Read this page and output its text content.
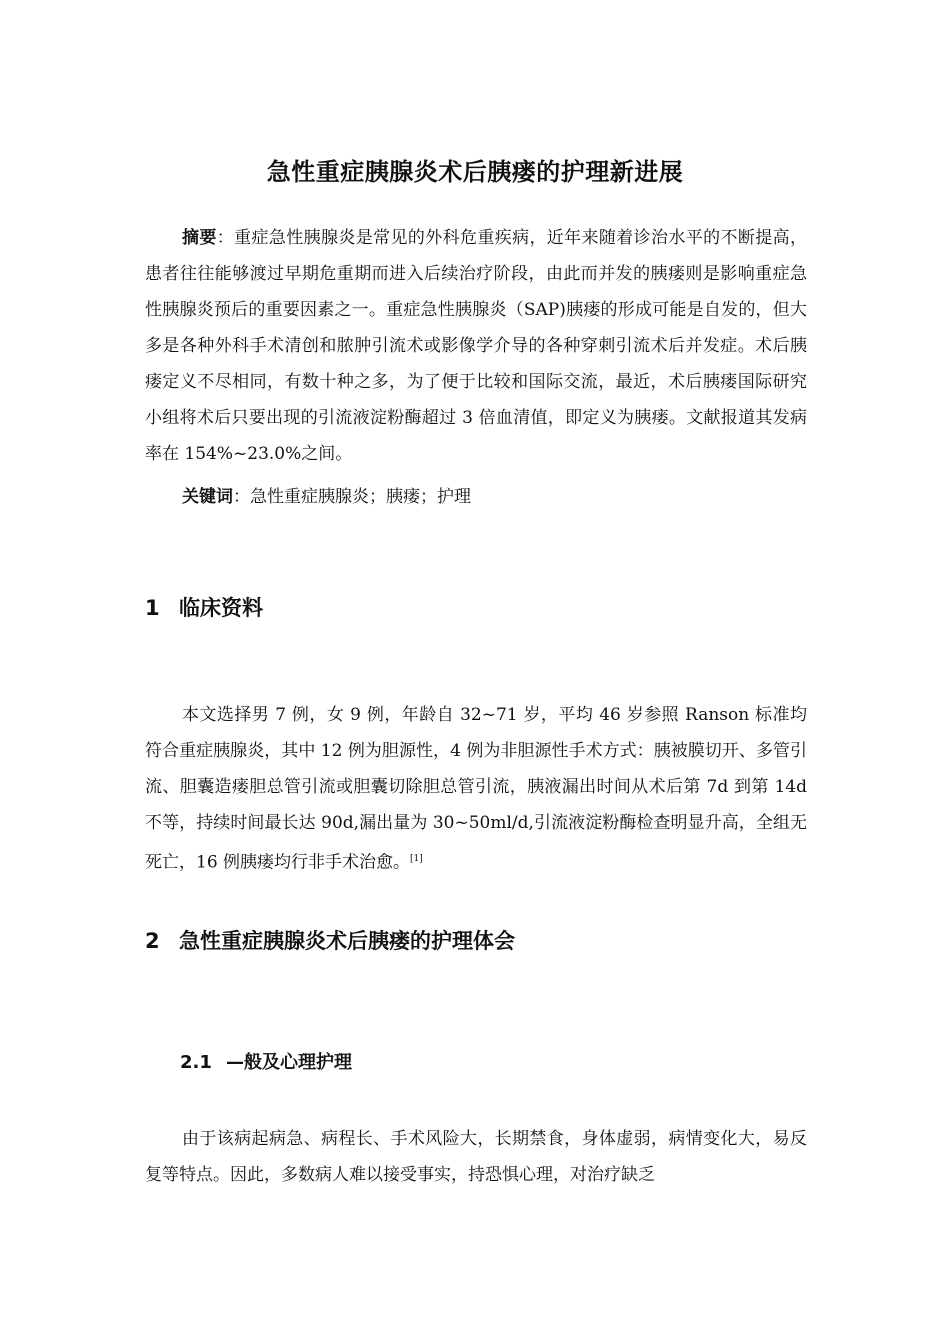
急性重症胰腺炎术后胰瘘的护理新进展

摘要：重症急性胰腺炎是常见的外科危重疾病，近年来随着诊治水平的不断提高，患者往往能够渡过早期危重期而进入后续治疗阶段，由此而并发的胰瘘则是影响重症急性胰腺炎预后的重要因素之一。重症急性胰腺炎（SAP)胰瘘的形成可能是自发的，但大多是各种外科手术清创和脓肿引流术或影像学介导的各种穿刺引流术后并发症。术后胰瘘定义不尽相同，有数十种之多，为了便于比较和国际交流，最近，术后胰瘘国际研究小组将术后只要出现的引流液淀粉酶超过 3 倍血清值，即定义为胰瘘。文献报道其发病率在 154%~23.0%之间。

关键词：急性重症胰腺炎；胰瘘；护理

1 临床资料

本文选择男 7 例，女 9 例，年龄自 32~71 岁，平均 46 岁参照 Ranson 标准均符合重症胰腺炎，其中 12 例为胆源性，4 例为非胆源性手术方式：胰被膜切开、多管引流、胆囊造瘘胆总管引流或胆囊切除胆总管引流，胰液漏出时间从术后第 7d 到第 14d 不等，持续时间最长达 90d,漏出量为 30~50ml/d,引流液淀粉酶检查明显升高，全组无死亡，16 例胰瘘均行非手术治愈。[1]

2 急性重症胰腺炎术后胰瘘的护理体会
2.1 —般及心理护理

由于该病起病急、病程长、手术风险大，长期禁食，身体虚弱，病情变化大，易反复等特点。因此，多数病人难以接受事实，持恐惧心理，对治疗缺乏
